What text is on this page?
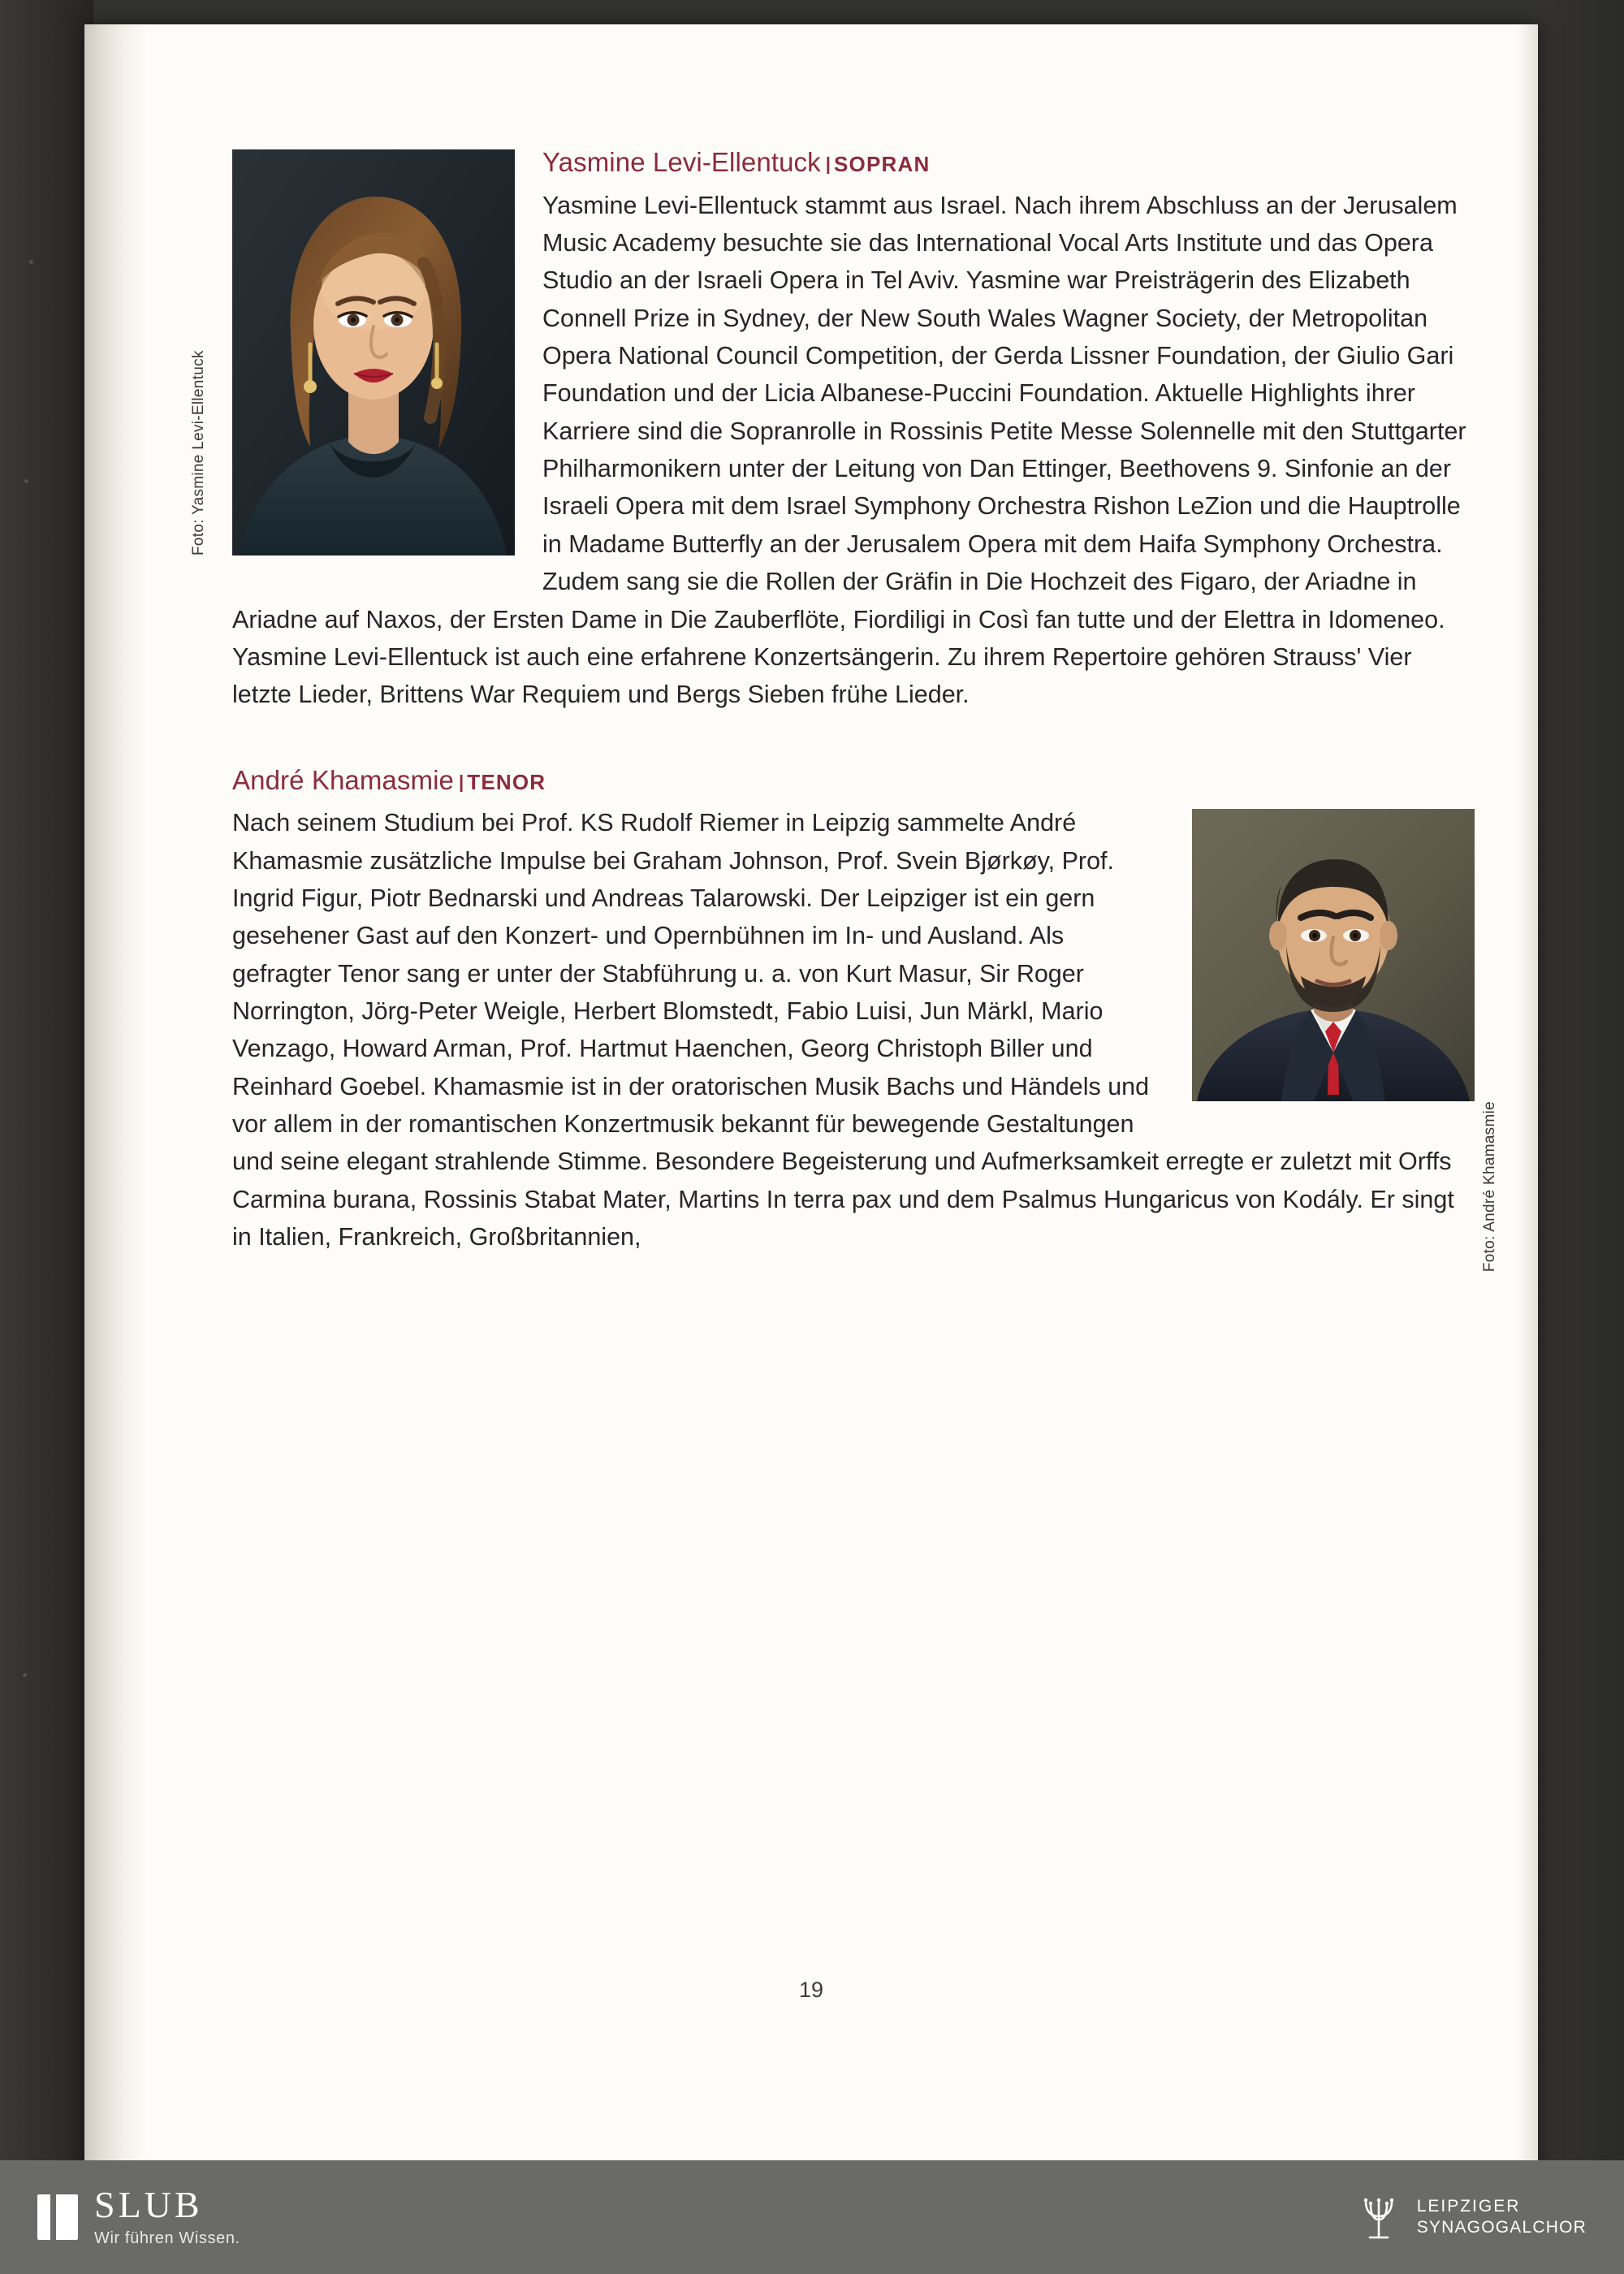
Foto: Yasmine Levi-Ellentuck
Yasmine Levi-Ellentuck | SOPRAN

Yasmine Levi-Ellentuck stammt aus Israel. Nach ihrem Abschluss an der Jerusalem Music Academy besuchte sie das International Vocal Arts Institute und das Opera Studio an der Israeli Opera in Tel Aviv. Yasmine war Preisträgerin des Elizabeth Connell Prize in Sydney, der New South Wales Wagner Society, der Metropolitan Opera National Council Competition, der Gerda Lissner Foundation, der Giulio Gari Foundation und der Licia Albanese-Puccini Foundation. Aktuelle Highlights ihrer Karriere sind die Sopranrolle in Rossinis Petite Messe Solennelle mit den Stuttgarter Philharmonikern unter der Leitung von Dan Ettinger, Beethovens 9. Sinfonie an der Israeli Opera mit dem Israel Symphony Orchestra Rishon LeZion und die Hauptrolle in Madame Butterfly an der Jerusalem Opera mit dem Haifa Symphony Orchestra. Zudem sang sie die Rollen der Gräfin in Die Hochzeit des Figaro, der Ariadne in Ariadne auf Naxos, der Ersten Dame in Die Zauberflöte, Fiordiligi in Così fan tutte und der Elettra in Idomeneo. Yasmine Levi-Ellentuck ist auch eine erfahrene Konzertsängerin. Zu ihrem Repertoire gehören Strauss' Vier letzte Lieder, Brittens War Requiem und Bergs Sieben frühe Lieder.

André Khamasmie | TENOR
Foto: André Khamasmie

Nach seinem Studium bei Prof. KS Rudolf Riemer in Leipzig sammelte André Khamasmie zusätzliche Impulse bei Graham Johnson, Prof. Svein Bjørkøy, Prof. Ingrid Figur, Piotr Bednarski und Andreas Talarowski. Der Leipziger ist ein gern gesehener Gast auf den Konzert- und Opernbühnen im In- und Ausland. Als gefragter Tenor sang er unter der Stabführung u. a. von Kurt Masur, Sir Roger Norrington, Jörg-Peter Weigle, Herbert Blomstedt, Fabio Luisi, Jun Märkl, Mario Venzago, Howard Arman, Prof. Hartmut Haenchen, Georg Christoph Biller und Reinhard Goebel. Khamasmie ist in der oratorischen Musik Bachs und Händels und vor allem in der romantischen Konzertmusik bekannt für bewegende Gestaltungen und seine elegant strahlende Stimme. Besondere Begeisterung und Aufmerksamkeit erregte er zuletzt mit Orffs Carmina burana, Rossinis Stabat Mater, Martins In terra pax und dem Psalmus Hungaricus von Kodály. Er singt in Italien, Frankreich, Großbritannien,

19
SLUB
Wir führen Wissen.
LEIPZIGER
SYNAGOGALCHOR
